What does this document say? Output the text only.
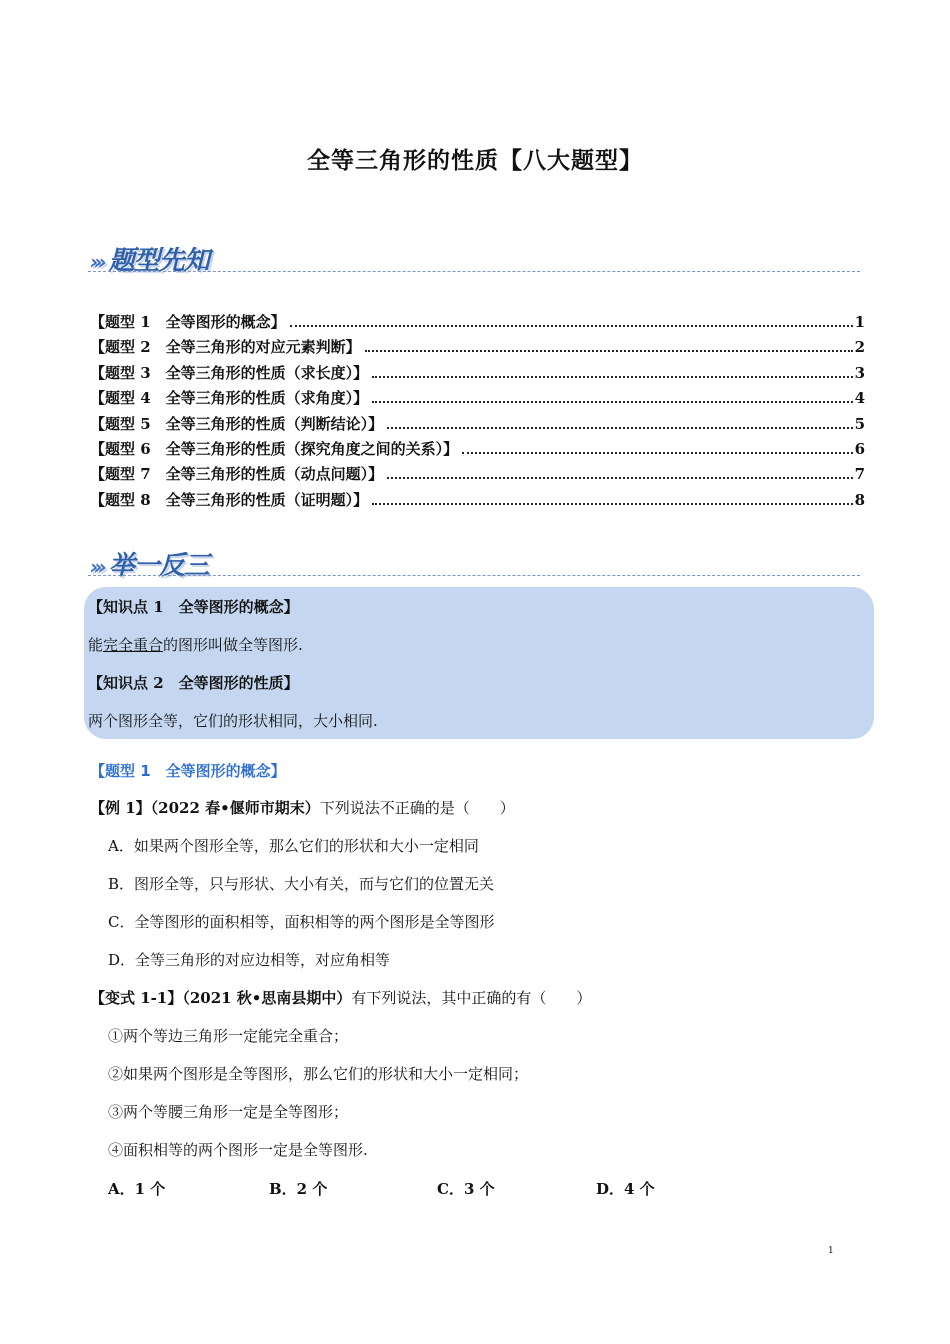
全等三角形的性质【八大题型】
››› 题型先知
【题型 1　全等图形的概念】	1
【题型 2　全等三角形的对应元素判断】	2
【题型 3　全等三角形的性质（求长度）】	3
【题型 4　全等三角形的性质（求角度）】	4
【题型 5　全等三角形的性质（判断结论）】	5
【题型 6　全等三角形的性质（探究角度之间的关系）】	6
【题型 7　全等三角形的性质（动点问题）】	7
【题型 8　全等三角形的性质（证明题）】	8
››› 举一反三
【知识点 1　全等图形的概念】
能完全重合的图形叫做全等图形.
【知识点 2　全等图形的性质】
两个图形全等，它们的形状相同，大小相同.
【题型 1　全等图形的概念】
【例 1】（2022 春•偃师市期末）下列说法不正确的是（　　）
A．如果两个图形全等，那么它们的形状和大小一定相同
B．图形全等，只与形状、大小有关，而与它们的位置无关
C．全等图形的面积相等，面积相等的两个图形是全等图形
D．全等三角形的对应边相等，对应角相等
【变式 1-1】（2021 秋•思南县期中）有下列说法，其中正确的有（　　）
①两个等边三角形一定能完全重合；
②如果两个图形是全等图形，那么它们的形状和大小一定相同；
③两个等腰三角形一定是全等图形；
④面积相等的两个图形一定是全等图形.
A．1 个	B．2 个	C．3 个	D．4 个
1
